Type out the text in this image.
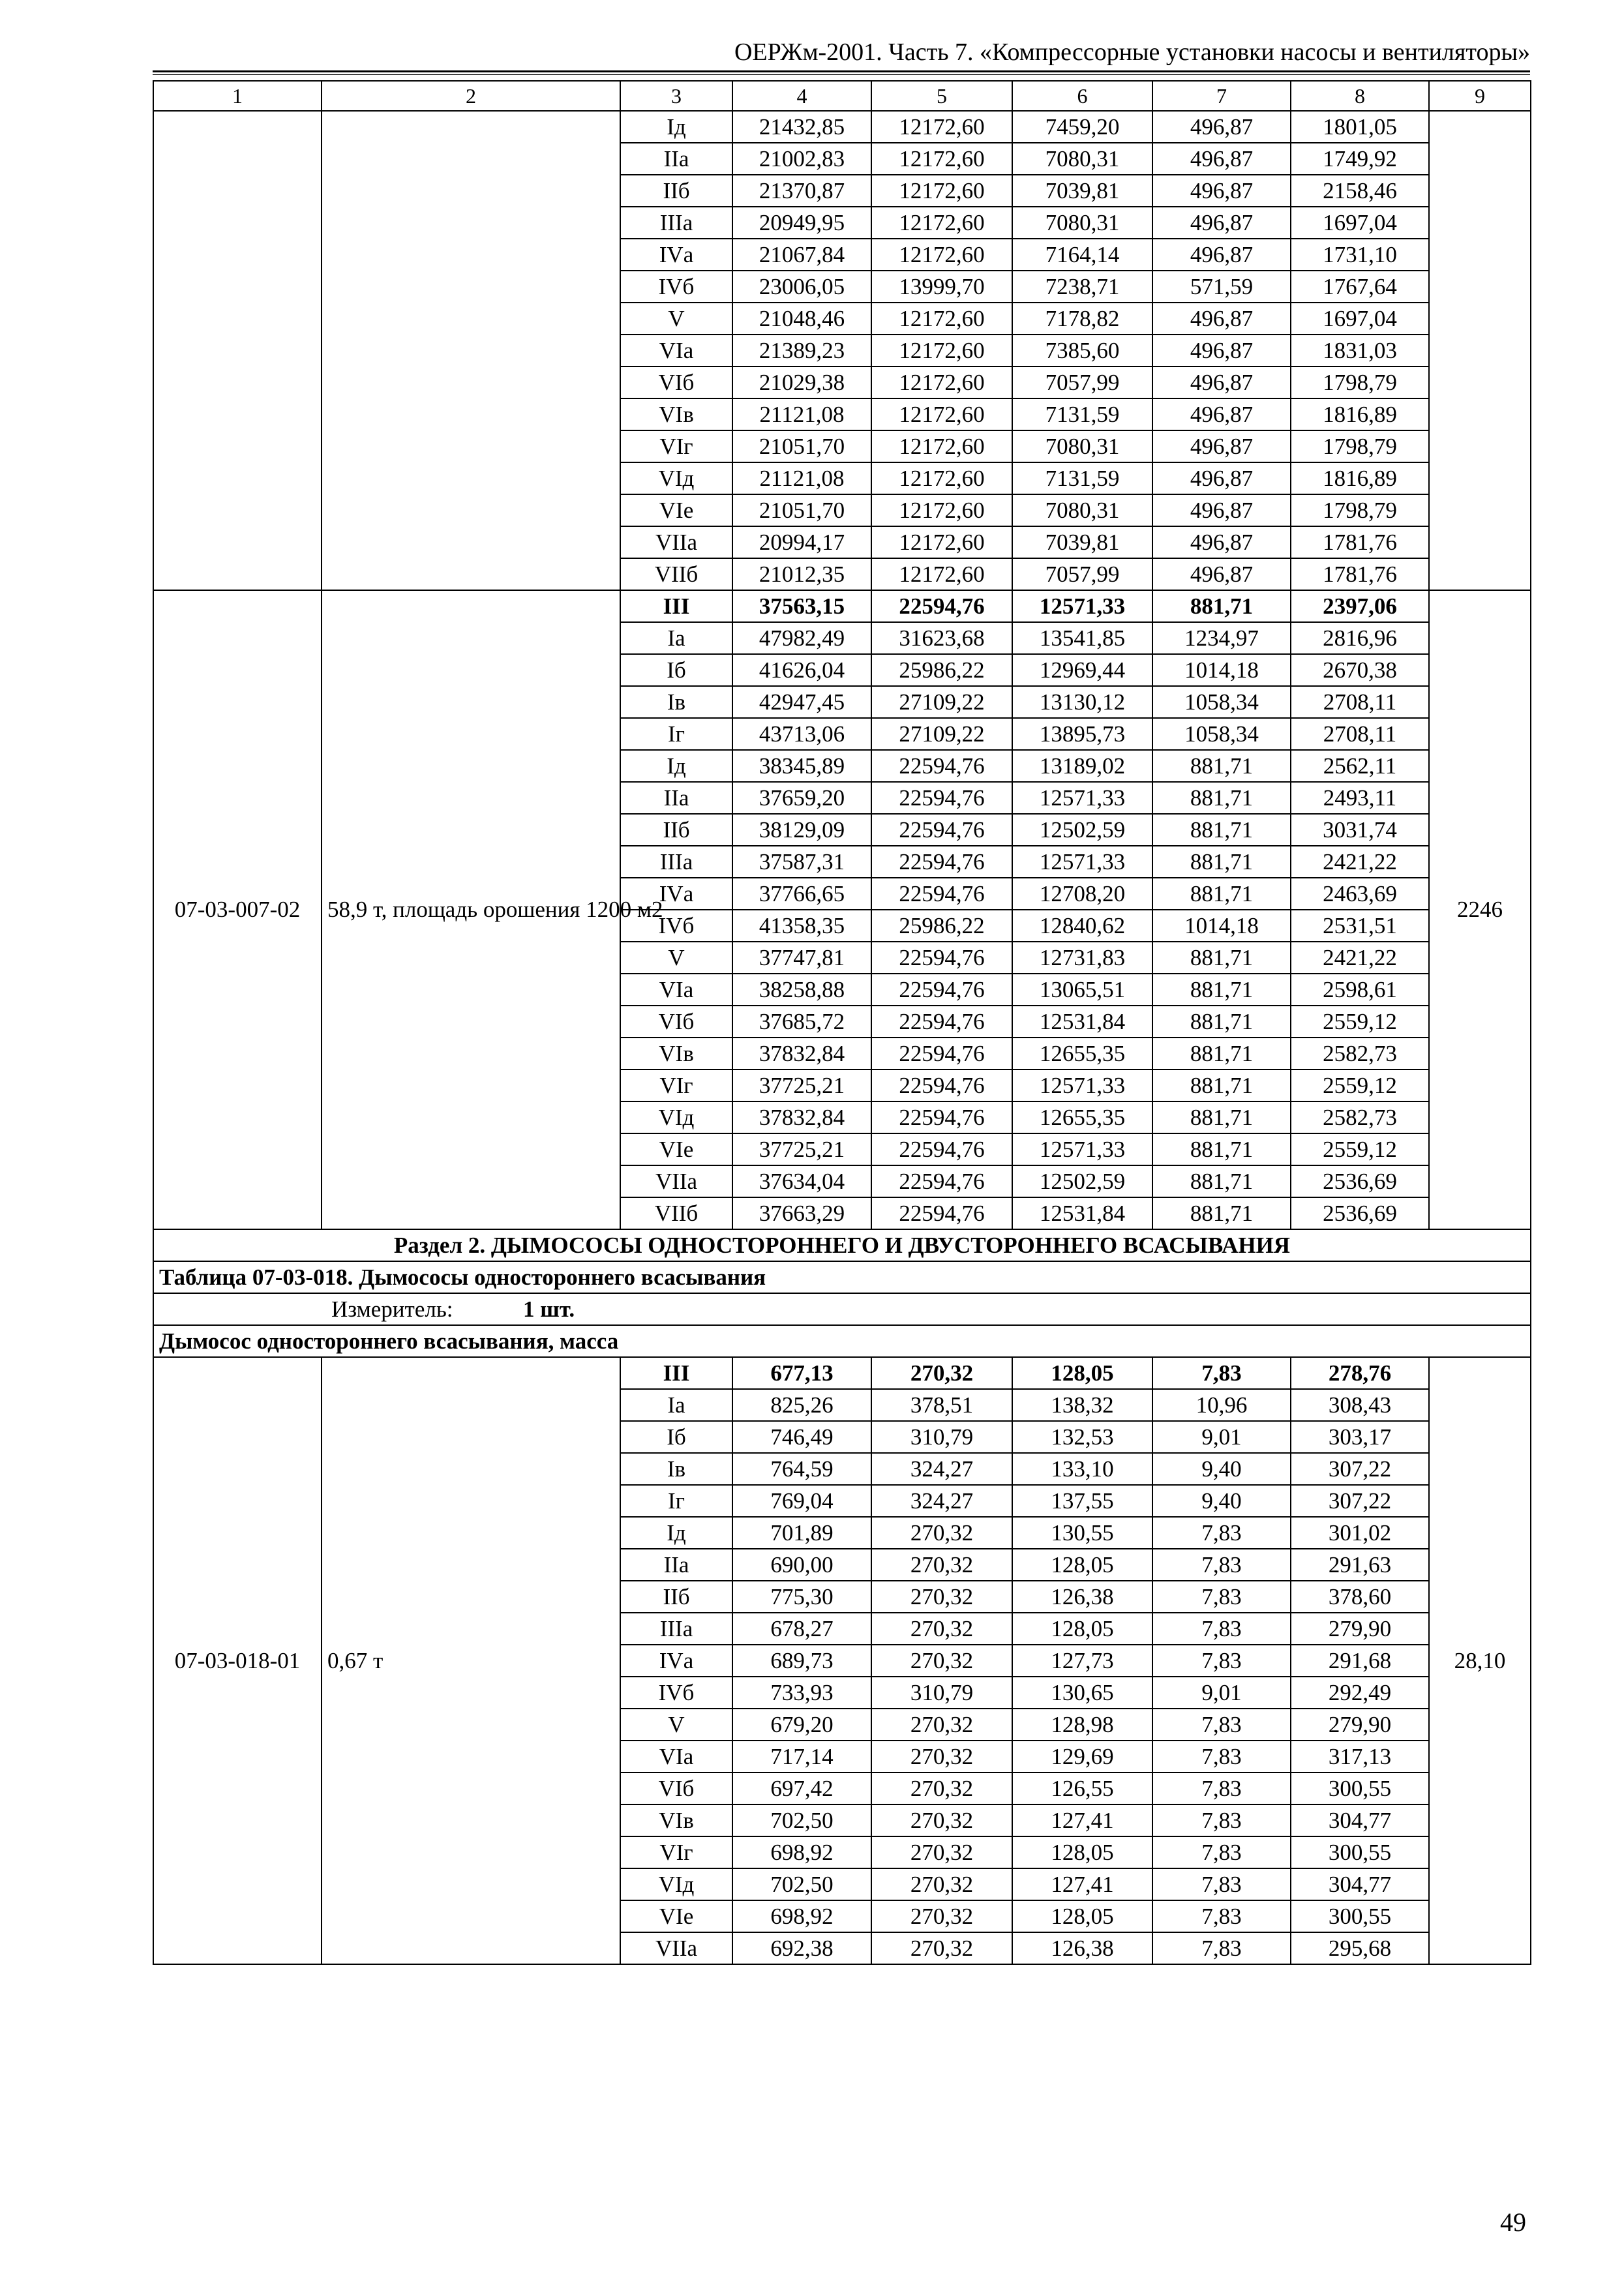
ОЕРЖм-2001. Часть 7. «Компрессорные установки насосы и вентиляторы»
1	2	3	4	5	6	7	8	9
		Iд	21432,85	12172,60	7459,20	496,87	1801,05	
		IIа	21002,83	12172,60	7080,31	496,87	1749,92	
		IIб	21370,87	12172,60	7039,81	496,87	2158,46	
		IIIа	20949,95	12172,60	7080,31	496,87	1697,04	
		IVа	21067,84	12172,60	7164,14	496,87	1731,10	
		IVб	23006,05	13999,70	7238,71	571,59	1767,64	
		V	21048,46	12172,60	7178,82	496,87	1697,04	
		VIа	21389,23	12172,60	7385,60	496,87	1831,03	
		VIб	21029,38	12172,60	7057,99	496,87	1798,79	
		VIв	21121,08	12172,60	7131,59	496,87	1816,89	
		VIг	21051,70	12172,60	7080,31	496,87	1798,79	
		VIд	21121,08	12172,60	7131,59	496,87	1816,89	
		VIе	21051,70	12172,60	7080,31	496,87	1798,79	
		VIIа	20994,17	12172,60	7039,81	496,87	1781,76	
		VIIб	21012,35	12172,60	7057,99	496,87	1781,76	
07-03-007-02	58,9 т, площадь орошения 1200 м2	III	37563,15	22594,76	12571,33	881,71	2397,06	2246
		Iа	47982,49	31623,68	13541,85	1234,97	2816,96	
		Iб	41626,04	25986,22	12969,44	1014,18	2670,38	
		Iв	42947,45	27109,22	13130,12	1058,34	2708,11	
		Iг	43713,06	27109,22	13895,73	1058,34	2708,11	
		Iд	38345,89	22594,76	13189,02	881,71	2562,11	
		IIа	37659,20	22594,76	12571,33	881,71	2493,11	
		IIб	38129,09	22594,76	12502,59	881,71	3031,74	
		IIIа	37587,31	22594,76	12571,33	881,71	2421,22	
		IVа	37766,65	22594,76	12708,20	881,71	2463,69	
		IVб	41358,35	25986,22	12840,62	1014,18	2531,51	
		V	37747,81	22594,76	12731,83	881,71	2421,22	
		VIа	38258,88	22594,76	13065,51	881,71	2598,61	
		VIб	37685,72	22594,76	12531,84	881,71	2559,12	
		VIв	37832,84	22594,76	12655,35	881,71	2582,73	
		VIг	37725,21	22594,76	12571,33	881,71	2559,12	
		VIд	37832,84	22594,76	12655,35	881,71	2582,73	
		VIе	37725,21	22594,76	12571,33	881,71	2559,12	
		VIIа	37634,04	22594,76	12502,59	881,71	2536,69	
		VIIб	37663,29	22594,76	12531,84	881,71	2536,69	
Раздел 2. ДЫМОСОСЫ ОДНОСТОРОННЕГО И ДВУСТОРОННЕГО ВСАСЫВАНИЯ								
Таблица 07-03-018. Дымососы одностороннего всасывания								
Измеритель: 1 шт.								
Дымосос одностороннего всасывания, масса								
07-03-018-01	0,67 т	III	677,13	270,32	128,05	7,83	278,76	28,10
		Iа	825,26	378,51	138,32	10,96	308,43	
		Iб	746,49	310,79	132,53	9,01	303,17	
		Iв	764,59	324,27	133,10	9,40	307,22	
		Iг	769,04	324,27	137,55	9,40	307,22	
		Iд	701,89	270,32	130,55	7,83	301,02	
		IIа	690,00	270,32	128,05	7,83	291,63	
		IIб	775,30	270,32	126,38	7,83	378,60	
		IIIа	678,27	270,32	128,05	7,83	279,90	
		IVа	689,73	270,32	127,73	7,83	291,68	
		IVб	733,93	310,79	130,65	9,01	292,49	
		V	679,20	270,32	128,98	7,83	279,90	
		VIа	717,14	270,32	129,69	7,83	317,13	
		VIб	697,42	270,32	126,55	7,83	300,55	
		VIв	702,50	270,32	127,41	7,83	304,77	
		VIг	698,92	270,32	128,05	7,83	300,55	
		VIд	702,50	270,32	127,41	7,83	304,77	
		VIе	698,92	270,32	128,05	7,83	300,55	
		VIIа	692,38	270,32	126,38	7,83	295,68	
49
